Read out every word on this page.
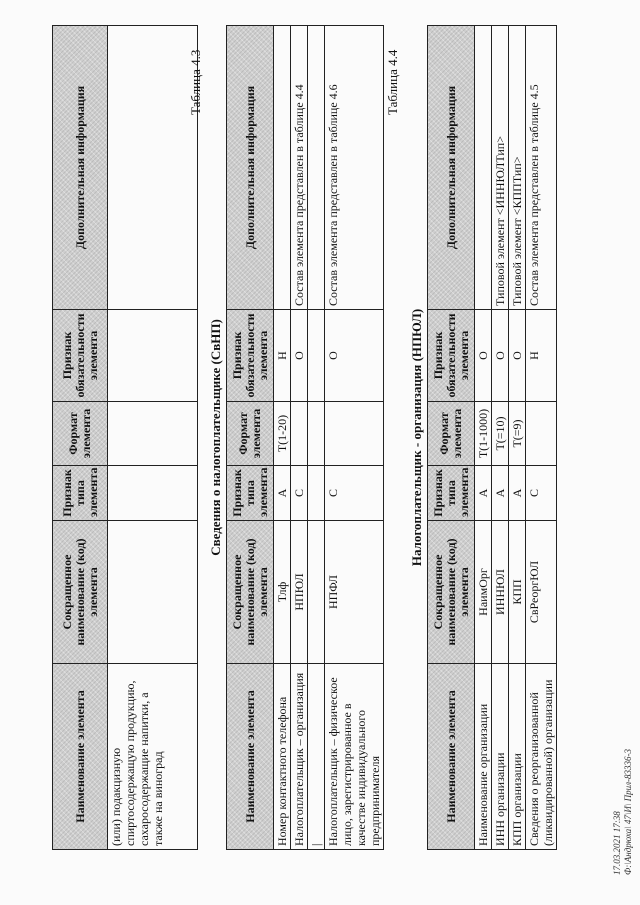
Наименование элемента	Сокращенное наименование (код) элемента	Признак типа элемента	Формат элемента	Признак обязательности элемента	Дополнительная информация
(или) подакцизную спиртосодержащую продукцию, сахаросодержащие напитки, а также на виноград					
Таблица 4.3
Сведения о налогоплательщике (СвНП)
Наименование элемента	Сокращенное наименование (код) элемента	Признак типа элемента	Формат элемента	Признак обязательности элемента	Дополнительная информация
Номер контактного телефона	Тлф	А	T(1-20)	Н	
Налогоплательщик – организация	НПЮЛ	С		О	Состав элемента представлен в таблице 4.4
|					
Налогоплательщик – физическое лицо, зарегистрированное в качестве индивидуального предпринимателя	НПФЛ	С		О	Состав элемента представлен в таблице 4.6
Таблица 4.4
Налогоплательщик - организация (НПЮЛ)
Наименование элемента	Сокращенное наименование (код) элемента	Признак типа элемента	Формат элемента	Признак обязательности элемента	Дополнительная информация
Наименование организации	НаимОрг	А	T(1-1000)	О	
ИНН организации	ИННЮЛ	А	T(=10)	О	Типовой элемент <ИННЮЛТип>
КПП организации	КПП	А	T(=9)	О	Типовой элемент <КППТип>
Сведения о реорганизованной (ликвидированной) организации	СвРеоргЮЛ	С		Н	Состав элемента представлен в таблице 4.5
17.03.2021 17:38 Ф:\Андрюха\ 47\И\ Прил-83336-3
